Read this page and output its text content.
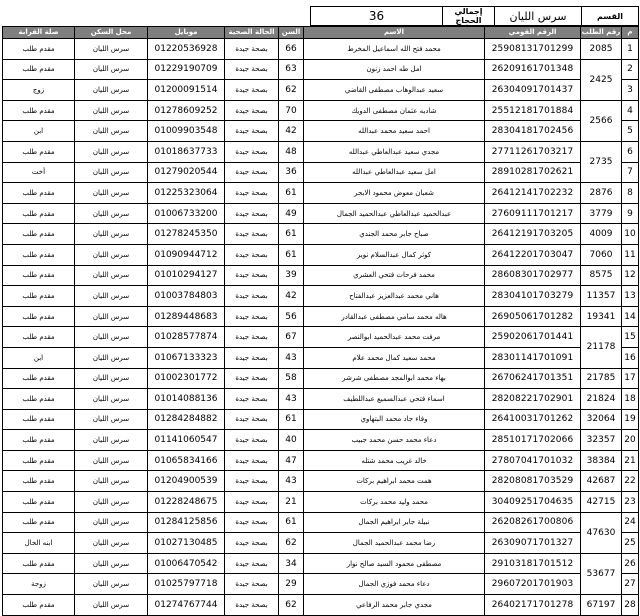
36	إجمالي الحجاج	سرس الليان	القسم
صلة القرابة	محل السكن	موبايل	الحالة الصحية	السن	الاسم	الرقم القومي	رقم الطلب	م
مقدم طلب	سرس الليان	01220536928	بصحة جيدة	66	محمد فتح الله اسماعيل المخرط	25908131701299	2085	1
مقدم طلب	سرس الليان	01229190709	بصحة جيدة	63	امل طه احمد زنون	26209161701348	2425	2
زوج	سرس الليان	01200091514	بصحة جيدة	62	سعيد عبدالوهاب مصطفى القاضي	26304091701437		3
مقدم طلب	سرس الليان	01278609252	بصحة جيدة	70	شاديه عثمان مصطفى الدويك	25512181701884	2566	4
ابن	سرس الليان	01009903548	بصحة جيدة	42	احمد سعيد محمد عبدالله	28304181702456		5
مقدم طلب	سرس الليان	01018637733	بصحة جيدة	48	مجدي سعيد عبدالعاطي عبدالله	27711261703217	2735	6
أخت	سرس الليان	01279020544	بصحة جيدة	36	امل سعيد عبدالعاطي عبدالله	28910281702621		7
مقدم طلب	سرس الليان	01225323064	بصحة جيدة	61	شعبان معوض محمود الابجر	26412141702232	2876	8
مقدم طلب	سرس الليان	01006733200	بصحة جيدة	49	عبدالحميد عبدالعاطي عبدالحميد الجمال	27609111701217	3779	9
مقدم طلب	سرس الليان	01278245350	بصحة جيدة	61	صباح جابر محمد الجندي	26412191703205	4009	10
مقدم طلب	سرس الليان	01090944712	بصحة جيدة	61	كوثر كمال عبدالسلام نوير	26412201703047	7060	11
مقدم طلب	سرس الليان	01010294127	بصحة جيدة	39	محمد فرحات فتحي العشري	28608301702977	8575	12
مقدم طلب	سرس الليان	01003784803	بصحة جيدة	42	هاني محمد عبدالعزيز عبدالفتاح	28304101703279	11357	13
مقدم طلب	سرس الليان	01289448683	بصحة جيدة	56	هاله محمد سامي مصطفى عبدالقادر	26905061701282	19341	14
مقدم طلب	سرس الليان	01028577874	بصحة جيدة	67	مرفت محمد عبدالحميد ابوالنصر	25902061701441	21178	15
ابن	سرس الليان	01067133323	بصحة جيدة	43	محمد سعيد كمال محمد علام	28301141701091		16
مقدم طلب	سرس الليان	01002301772	بصحة جيدة	58	بهاء محمد ابوالمجد مصطفى شرشر	26706241701351	21785	17
مقدم طلب	سرس الليان	01014088136	بصحة جيدة	43	اسماء فتحي عبدالسميع عبداللطيف	28208221702901	21824	18
مقدم طلب	سرس الليان	01284284882	بصحة جيدة	61	وفاء جاد محمد البتهاوي	26410031701262	32064	19
مقدم طلب	سرس الليان	01141060547	بصحة جيدة	40	دعاء محمد حسن محمد جبيب	28510171702066	32357	20
مقدم طلب	سرس الليان	01065834166	بصحة جيدة	47	خالد غريب محمد شتله	27807041701032	38384	21
مقدم طلب	سرس الليان	01204900539	بصحة جيدة	43	همت محمد ابراهيم بركات	28208081703529	42687	22
مقدم طلب	سرس الليان	01228248675	بصحة جيدة	21	محمد وليد محمد بركات	30409251704635	42715	23
مقدم طلب	سرس الليان	01284125856	بصحة جيدة	61	نبيلة جابر ابراهيم الجمال	26208261700806	47630	24
ابنه الخال	سرس الليان	01027130485	بصحة جيدة	62	رضا محمد عبدالحميد الجمال	26309071701327		25
مقدم طلب	سرس الليان	01006470542	بصحة جيدة	34	مصطفى محمود السيد صالح نوار	29103181701512	53677	26
زوجة	سرس الليان	01025797718	بصحة جيدة	29	دعاء محمد فوزي الجمال	29607201701903		27
مقدم طلب	سرس الليان	01274767744	بصحة جيدة	62	مجدي جابر محمد الرفاعي	26402171701278	67197	28
